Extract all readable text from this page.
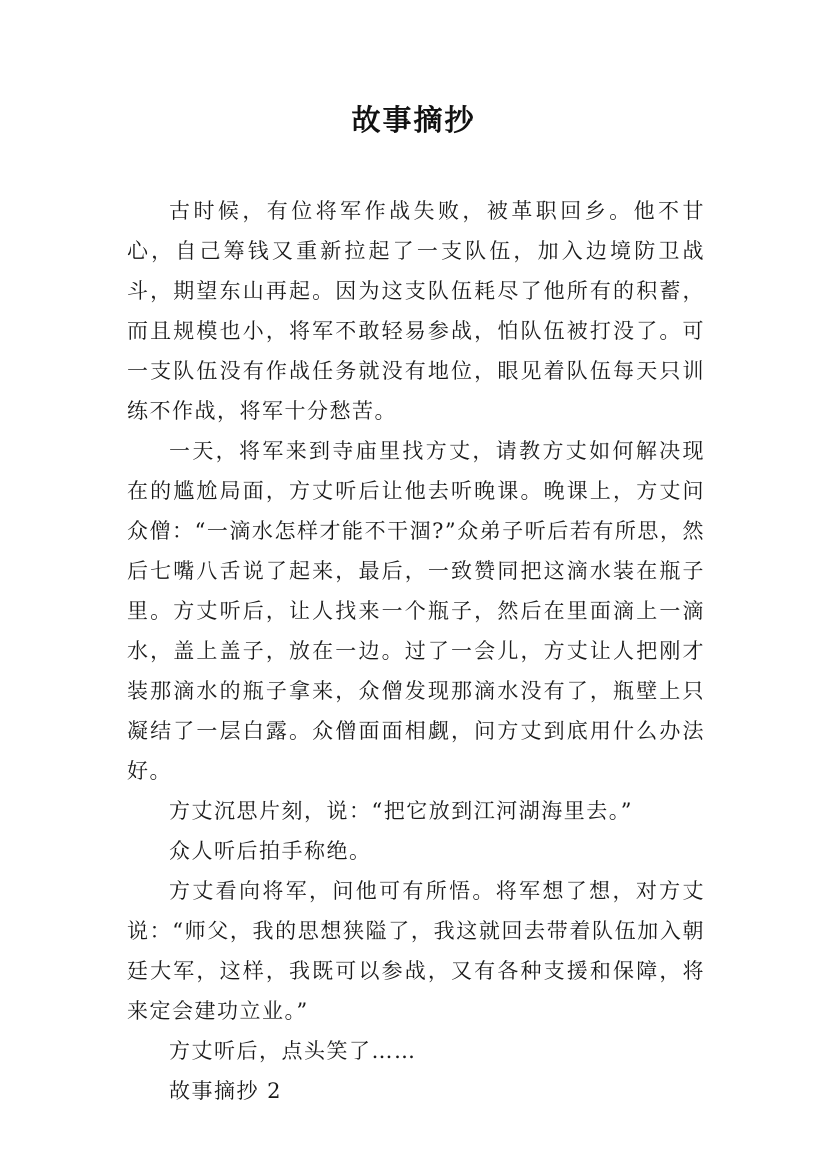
故事摘抄

古时候，有位将军作战失败，被革职回乡。他不甘心，自己筹钱又重新拉起了一支队伍，加入边境防卫战斗，期望东山再起。因为这支队伍耗尽了他所有的积蓄，而且规模也小，将军不敢轻易参战，怕队伍被打没了。可一支队伍没有作战任务就没有地位，眼见着队伍每天只训练不作战，将军十分愁苦。

一天，将军来到寺庙里找方丈，请教方丈如何解决现在的尴尬局面，方丈听后让他去听晚课。晚课上，方丈问众僧：“一滴水怎样才能不干涸?”众弟子听后若有所思，然后七嘴八舌说了起来，最后，一致赞同把这滴水装在瓶子里。方丈听后，让人找来一个瓶子，然后在里面滴上一滴水，盖上盖子，放在一边。过了一会儿，方丈让人把刚才装那滴水的瓶子拿来，众僧发现那滴水没有了，瓶壁上只凝结了一层白露。众僧面面相觑，问方丈到底用什么办法好。

方丈沉思片刻，说：“把它放到江河湖海里去。”

众人听后拍手称绝。

方丈看向将军，问他可有所悟。将军想了想，对方丈说：“师父，我的思想狭隘了，我这就回去带着队伍加入朝廷大军，这样，我既可以参战，又有各种支援和保障，将来定会建功立业。”

方丈听后，点头笑了……

故事摘抄 2
